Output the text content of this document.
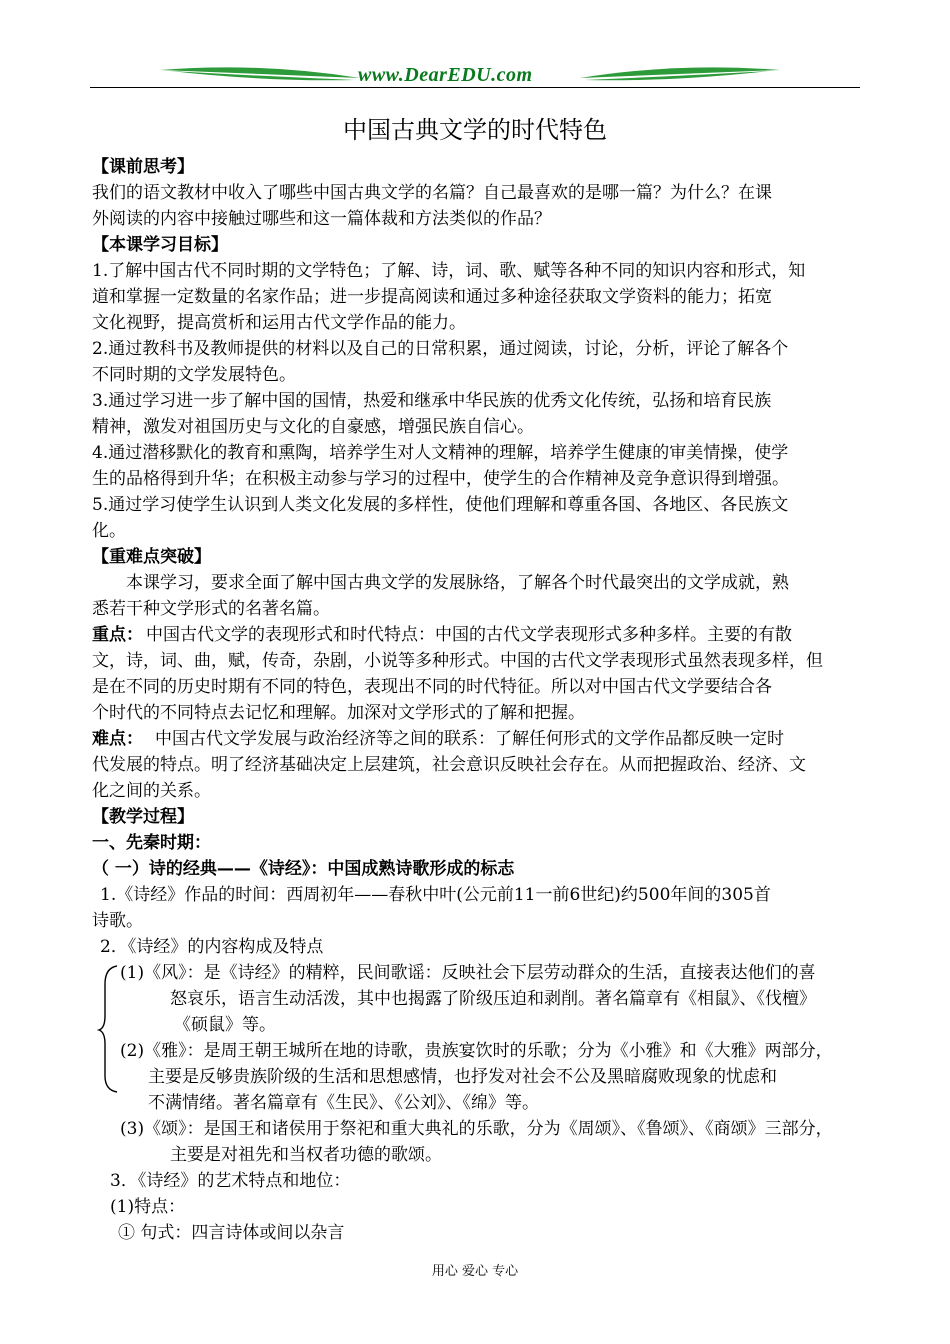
www.DearEDU.com
中国古典文学的时代特色
【课前思考】
我们的语文教材中收入了哪些中国古典文学的名篇？自己最喜欢的是哪一篇？为什么？在课
外阅读的内容中接触过哪些和这一篇体裁和方法类似的作品？
【本课学习目标】
1.了解中国古代不同时期的文学特色；了解、诗，词、歌、赋等各种不同的知识内容和形式，知
道和掌握一定数量的名家作品；进一步提高阅读和通过多种途径获取文学资料的能力；拓宽
文化视野，提高赏析和运用古代文学作品的能力。
2.通过教科书及教师提供的材料以及自己的日常积累，通过阅读，讨论，分析，评论了解各个
不同时期的文学发展特色。
3.通过学习进一步了解中国的国情，热爱和继承中华民族的优秀文化传统，弘扬和培育民族
精神，激发对祖国历史与文化的自豪感，增强民族自信心。
4.通过潜移默化的教育和熏陶，培养学生对人文精神的理解，培养学生健康的审美情操，使学
生的品格得到升华；在积极主动参与学习的过程中，使学生的合作精神及竞争意识得到增强。
5.通过学习使学生认识到人类文化发展的多样性，使他们理解和尊重各国、各地区、各民族文
化。
【重难点突破】
本课学习，要求全面了解中国古典文学的发展脉络，了解各个时代最突出的文学成就，熟
悉若干种文学形式的名著名篇。
重点： 中国古代文学的表现形式和时代特点：中国的古代文学表现形式多种多样。主要的有散
文，诗，词、曲，赋，传奇，杂剧，小说等多种形式。中国的古代文学表现形式虽然表现多样，但
是在不同的历史时期有不同的特色，表现出不同的时代特征。所以对中国古代文学要结合各
个时代的不同特点去记忆和理解。加深对文学形式的了解和把握。
难点： 中国古代文学发展与政治经济等之间的联系：了解任何形式的文学作品都反映一定时
代发展的特点。明了经济基础决定上层建筑，社会意识反映社会存在。从而把握政治、经济、文
化之间的关系。
【教学过程】
一、先秦时期：
（ 一）诗的经典——《诗经》：中国成熟诗歌形成的标志
1.《诗经》作品的时间：西周初年——春秋中叶(公元前11一前6世纪)约500年间的305首
诗歌。
2．《诗经》的内容构成及特点
(1)《风》：是《诗经》的精粹，民间歌谣：反映社会下层劳动群众的生活，直接表达他们的喜
怒哀乐，语言生动活泼，其中也揭露了阶级压迫和剥削。著名篇章有《相鼠》、《伐檀》
《硕鼠》等。
(2)《雅》：是周王朝王城所在地的诗歌，贵族宴饮时的乐歌；分为《小雅》和《大雅》两部分，
主要是反够贵族阶级的生活和思想感情，也抒发对社会不公及黑暗腐败现象的忧虑和
不满情绪。著名篇章有《生民》、《公刘》、《绵》等。
(3)《颂》：是国王和诸侯用于祭祀和重大典礼的乐歌，分为《周颂》、《鲁颂》、《商颂》三部分，
主要是对祖先和当权者功德的歌颂。
3．《诗经》的艺术特点和地位：
(1)特点：
① 句式：四言诗体或间以杂言
用心 爱心 专心
